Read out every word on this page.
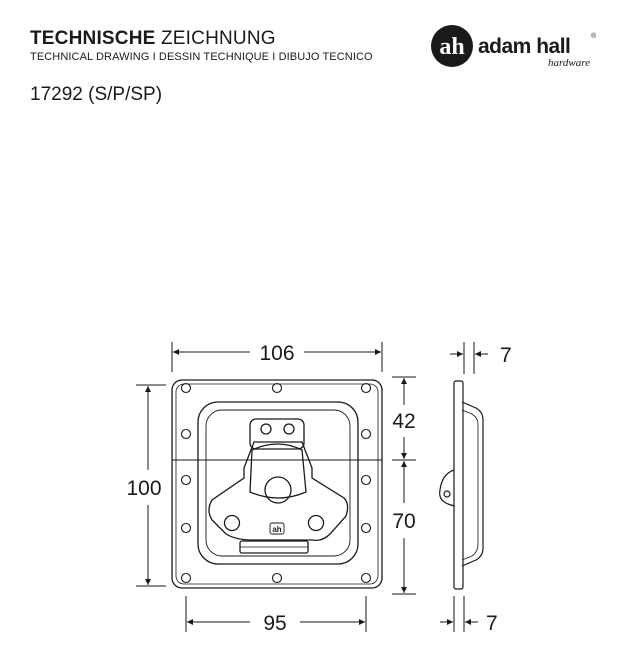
TECHNISCHE ZEICHNUNG
TECHNICAL DRAWING I DESSIN TECHNIQUE I DIBUJO TECNICO
17292 (S/P/SP)
ah adam hall	®
hardware
ah
106
100
95
42
70
7
7
